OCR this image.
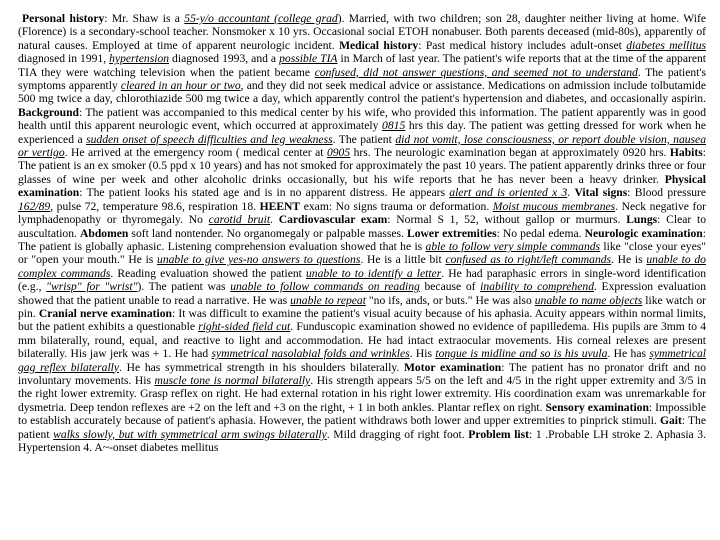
Personal history: Mr. Shaw is a 55-y/o accountant (college grad). Married, with two children; son 28, daughter neither living at home. Wife (Florence) is a secondary-school teacher. Nonsmoker x 10 yrs. Occasional social ETOH nonabuser. Both parents deceased (mid-80s), apparently of natural causes. Employed at time of apparent neurologic incident. Medical history: Past medical history includes adult-onset diabetes mellitus diagnosed in 1991, hypertension diagnosed 1993, and a possible TIA in March of last year. The patient's wife reports that at the time of the apparent TIA they were watching television when the patient became confused, did not answer questions, and seemed not to understand. The patient's symptoms apparently cleared in an hour or two, and they did not seek medical advice or assistance. Medications on admission include tolbutamide 500 mg twice a day, chlorothiazide 500 mg twice a day, which apparently control the patient's hypertension and diabetes, and occasionally aspirin. Background: The patient was accompanied to this medical center by his wife, who provided this information. The patient apparently was in good health until this apparent neurologic event, which occurred at approximately 0815 hrs this day. The patient was getting dressed for work when he experienced a sudden onset of speech difficulties and leg weakness. The patient did not vomit, lose consciousness, or report double vision, nausea or vertigo. He arrived at the emergency room ( medical center at 0905 hrs. The neurologic examination began at approximately 0920 hrs. Habits: The patient is an ex smoker (0.5 ppd x 10 years) and has not smoked for approximately the past 10 years. The patient apparently drinks three or four glasses of wine per week and other alcoholic drinks occasionally, but his wife reports that he has never been a heavy drinker. Physical examination: The patient looks his stated age and is in no apparent distress. He appears alert and is oriented x 3. Vital signs: Blood pressure 162/89, pulse 72, temperature 98.6, respiration 18. HEENT exam: No signs trauma or deformation. Moist mucous membranes. Neck negative for lymphadenopathy or thyromegaly. No carotid bruit. Cardiovascular exam: Normal S 1, 52, without gallop or murmurs. Lungs: Clear to auscultation. Abdomen soft land nontender. No organomegaly or palpable masses. Lower extremities: No pedal edema. Neurologic examination: The patient is globally aphasic. Listening comprehension evaluation showed that he is able to follow very simple commands like "close your eyes" or "open your mouth." He is unable to give yes-no answers to questions. He is a little bit confused as to right/left commands. He is unable to do complex commands. Reading evaluation showed the patient unable to to identify a letter. He had paraphasic errors in single-word identification (e.g., "wrisp" for "wrist"). The patient was unable to follow commands on reading because of inability to comprehend. Expression evaluation showed that the patient unable to read a narrative. He was unable to repeat "no ifs, ands, or buts." He was also unable to name objects like watch or pin. Cranial nerve examination: It was difficult to examine the patient's visual acuity because of his aphasia. Acuity appears within normal limits, but the patient exhibits a questionable right-sided field cut. Funduscopic examination showed no evidence of papilledema. His pupils are 3mm to 4 mm bilaterally, round, equal, and reactive to light and accommodation. He had intact extraocular movements. His corneal relexes are present bilaterally. His jaw jerk was + 1. He had symmetrical nasolabial folds and wrinkles. His tongue is midline and so is his uvula. He has symmetrical gag reflex bilaterally. He has symmetrical strength in his shoulders bilaterally. Motor examination: The patient has no pronator drift and no involuntary movements. His muscle tone is normal bilaterally. His strength appears 5/5 on the left and 4/5 in the right upper extremity and 3/5 in the right lower extremity. Grasp reflex on right. He had external rotation in his right lower extremity. His coordination exam was unremarkable for dysmetria. Deep tendon reflexes are +2 on the left and +3 on the right, + 1 in both ankles. Plantar reflex on right. Sensory examination: Impossible to establish accurately because of patient's aphasia. However, the patient withdraws both lower and upper extremities to pinprick stimuli. Gait: The patient walks slowly, but with symmetrical arm swings bilaterally. Mild dragging of right foot. Problem list: 1 .Probable LH stroke 2. Aphasia 3. Hypertension 4. A~-onset diabetes mellitus
